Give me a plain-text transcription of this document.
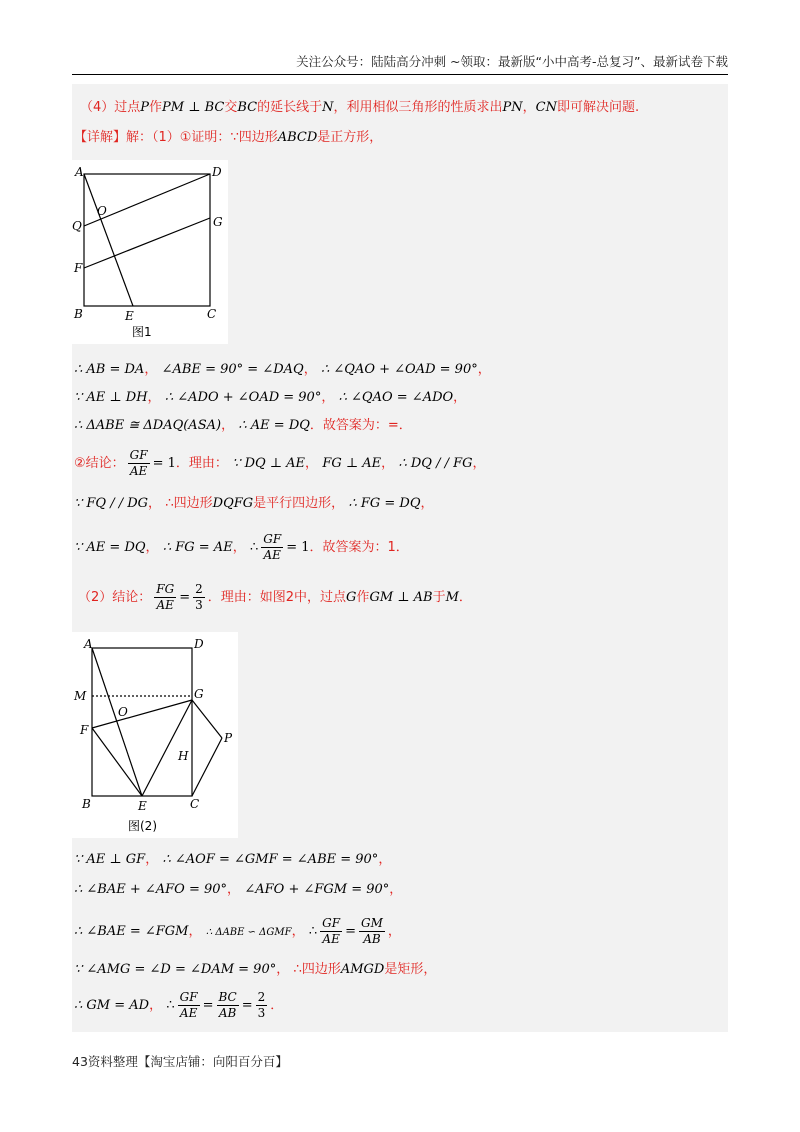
关注公众号：陆陆高分冲刺 ~领取：最新版“小中高考-总复习”、最新试卷下载
（4）过点P作PM ⊥ BC交BC的延长线于N，利用相似三角形的性质求出PN，CN即可解决问题.
【详解】解：（1）①证明：∵四边形ABCD是正方形，
A	D
Q
O
G
F
B	E	C
图1
∴ AB = DA， ∠ABE = 90° = ∠DAQ， ∴ ∠QAO + ∠OAD = 90°，
∵ AE ⊥ DH， ∴ ∠ADO + ∠OAD = 90°， ∴ ∠QAO = ∠ADO，
∴ ΔABE ≅ ΔDAQ(ASA)， ∴ AE = DQ．故答案为：=．
②结论： $\frac{GF}{AE} = 1$．理由： ∵ DQ ⊥ AE， FG ⊥ AE， ∴ DQ / / FG，
∵ FQ / / DG， ∴四边形DQFG是平行四边形， ∴ FG = DQ，
∵ AE = DQ， ∴ FG = AE， ∴ $\frac{GF}{AE} = 1$．故答案为：1．
（2）结论： $\frac{FG}{AE} = \frac{2}{3}$ ．理由：如图2中，过点G作GM ⊥ AB于M．
A	D
M	G
O
F
P
H
B	E	C
图(2)
∵ AE ⊥ GF， ∴ ∠AOF = ∠GMF = ∠ABE = 90°，
∴ ∠BAE + ∠AFO = 90°， ∠AFO + ∠FGM = 90°，
∴ ∠BAE = ∠FGM， ∴ ΔABE ∽ ΔGMF， ∴ $\frac{GF}{AE} = \frac{GM}{AB}$ ，
∵ ∠AMG = ∠D = ∠DAM = 90°， ∴四边形AMGD是矩形，
∴ GM = AD， ∴ $\frac{GF}{AE} = \frac{BC}{AB} = \frac{2}{3}$ ．
43资料整理【淘宝店铺：向阳百分百】
